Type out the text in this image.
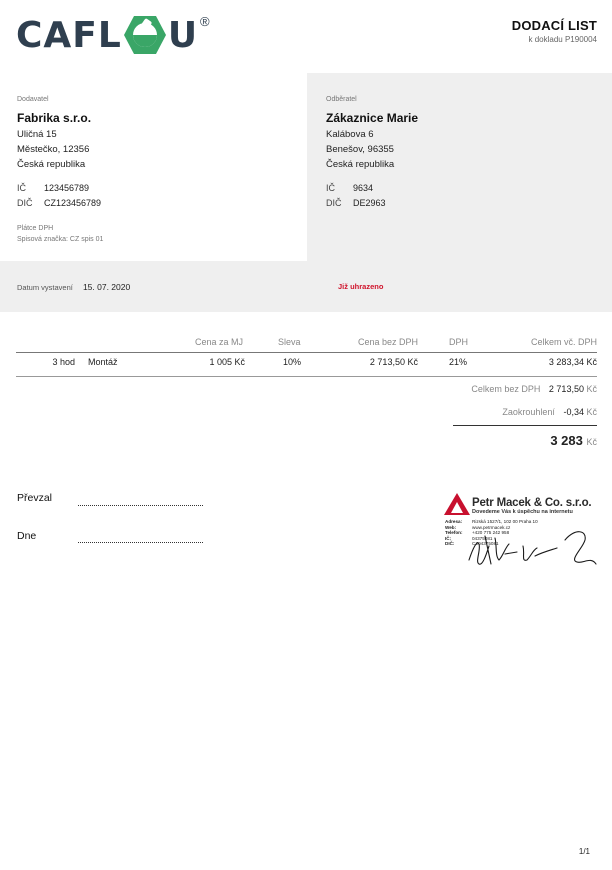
CAFL U ®	DODACÍ LIST
k dokladu P190004
Dodavatel
Fabrika s.r.o.
Uličná 15
Městečko, 12356
Česká republika
IČ	123456789
DIČ	CZ123456789
Plátce DPH
Spisová značka: CZ spis 01
Odběratel
Zákaznice Marie
Kalábova 6
Benešov, 96355
Česká republika
IČ	9634
DIČ	DE2963
Datum vystavení 15. 07. 2020	Již uhrazeno
Cena za MJ	Sleva	Cena bez DPH	DPH	Celkem vč. DPH
3 hod Montáž	1 005 Kč	10%	2 713,50 Kč	21%	3 283,34 Kč
Celkem bez DPH 2 713,50 Kč
Zaokrouhlení -0,34 Kč
3 283 Kč
Převzal
Dne
Petr Macek & Co. s.r.o.
Dovedeme Vás k úspěchu na internetu
Adresa:	Rizská 1527/1, 102 00 Praha 10
Web:	www.petrmacek.cz
Telefon:	+420 775 242 958
IČ:	04375081
DIČ:	CZ04375081
1/1
